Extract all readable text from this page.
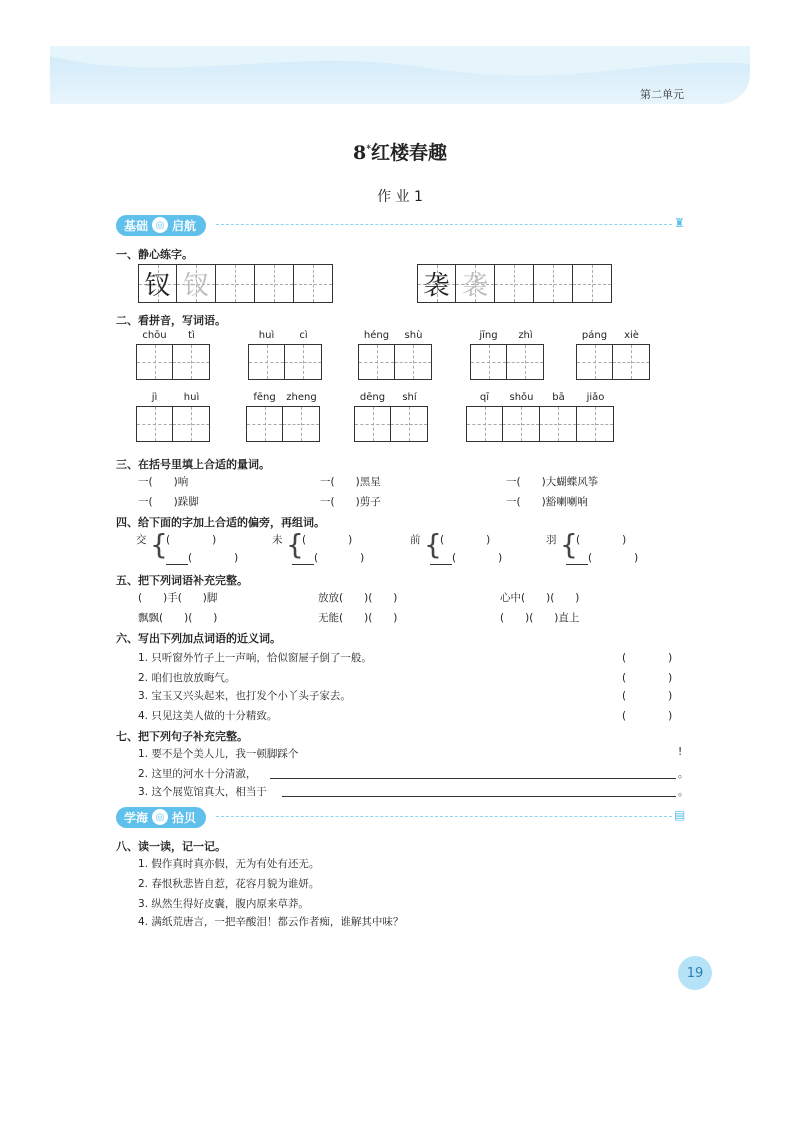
第二单元
8*红楼春趣
作 业 1
基础 ◎ 启航	♜
一、静心练字。
钗 钗	袭 袭
二、看拼音，写词语。
chōu	tì	huì	cì	héng	shù	jīng	zhì	páng	xiè
jì	huì	fēng	zheng	dēng	shí	qī	shǒu	bā	jiǎo
三、在括号里填上合适的量词。
一(　　)响	一(　　)黑星	一(　　)大蝴蝶风筝
一(　　)跺脚	一(　　)剪子	一(　　)豁喇喇响
四、给下面的字加上合适的偏旁，再组词。
交 {
(　　　　)
(　　　　)
未 {
(　　　　)
(　　　　)
前 {
(　　　　)
(　　　　)
羽 {
(　　　　)
(　　　　)
五、把下列词语补充完整。
(　　)手(　　)脚	放放(　　)(　　)	心中(　　)(　　)
飘飘(　　)(　　)	无能(　　)(　　)	(　　)(　　)直上
六、写出下列加点词语的近义词。
1. 只听窗外竹子上一声响，恰似窗屉子倒了一般。	(　　　　)
2. 咱们也放放晦气。	(　　　　)
3. 宝玉又兴头起来，也打发个小丫头子家去。	(　　　　)
4. 只见这美人做的十分精致。	(　　　　)
七、把下列句子补充完整。
1. 要不是个美人儿，我一顿脚踩个	!
2. 这里的河水十分清澈，	。
3. 这个展览馆真大，相当于	。
学海 ◎ 拾贝	▤
八、读一读，记一记。
1. 假作真时真亦假，无为有处有还无。
2. 春恨秋悲皆自惹，花容月貌为谁妍。
3. 纵然生得好皮囊，腹内原来草莽。
4. 满纸荒唐言，一把辛酸泪！都云作者痴，谁解其中味？
19
